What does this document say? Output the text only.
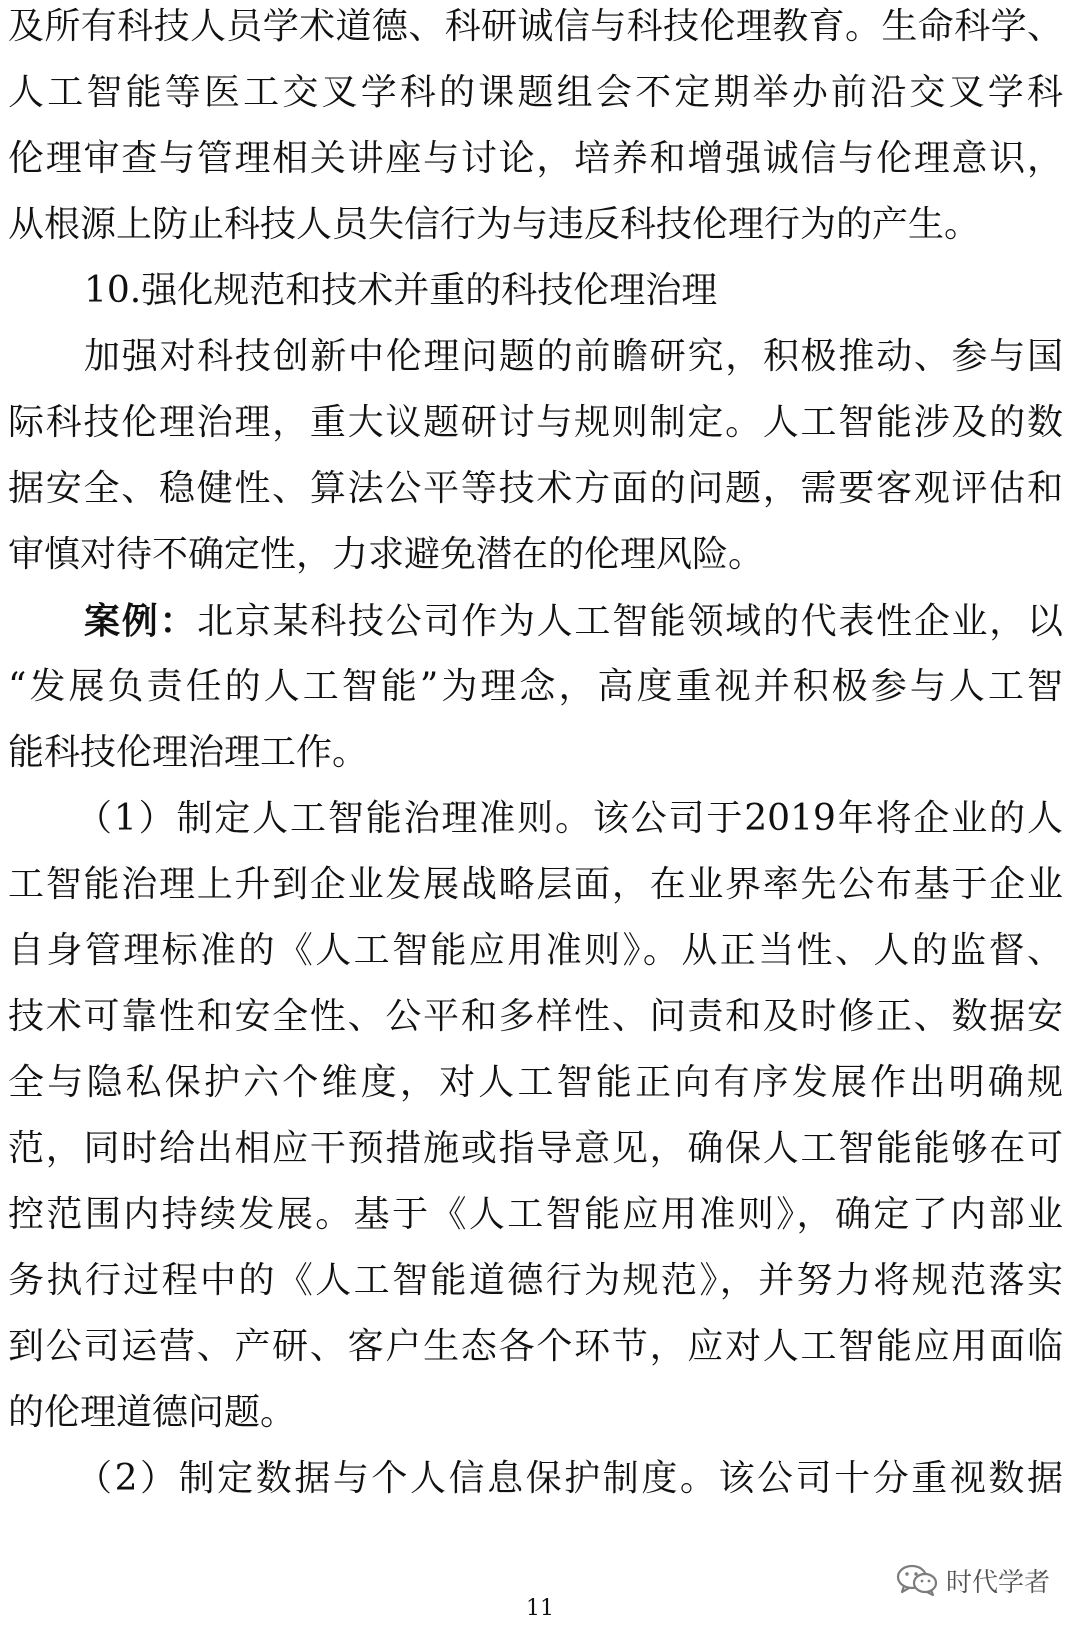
及所有科技人员学术道德、科研诚信与科技伦理教育。生命科学、
人工智能等医工交叉学科的课题组会不定期举办前沿交叉学科
伦理审查与管理相关讲座与讨论，培养和增强诚信与伦理意识，
从根源上防止科技人员失信行为与违反科技伦理行为的产生。
10.强化规范和技术并重的科技伦理治理
加强对科技创新中伦理问题的前瞻研究，积极推动、参与国
际科技伦理治理，重大议题研讨与规则制定。人工智能涉及的数
据安全、稳健性、算法公平等技术方面的问题，需要客观评估和
审慎对待不确定性，力求避免潜在的伦理风险。
案例：北京某科技公司作为人工智能领域的代表性企业，以
“发展负责任的人工智能”为理念，高度重视并积极参与人工智
能科技伦理治理工作。
（1）制定人工智能治理准则。该公司于2019年将企业的人
工智能治理上升到企业发展战略层面，在业界率先公布基于企业
自身管理标准的《人工智能应用准则》。从正当性、人的监督、
技术可靠性和安全性、公平和多样性、问责和及时修正、数据安
全与隐私保护六个维度，对人工智能正向有序发展作出明确规
范，同时给出相应干预措施或指导意见，确保人工智能能够在可
控范围内持续发展。基于《人工智能应用准则》，确定了内部业
务执行过程中的《人工智能道德行为规范》，并努力将规范落实
到公司运营、产研、客户生态各个环节，应对人工智能应用面临
的伦理道德问题。
（2）制定数据与个人信息保护制度。该公司十分重视数据
时代学者
11
